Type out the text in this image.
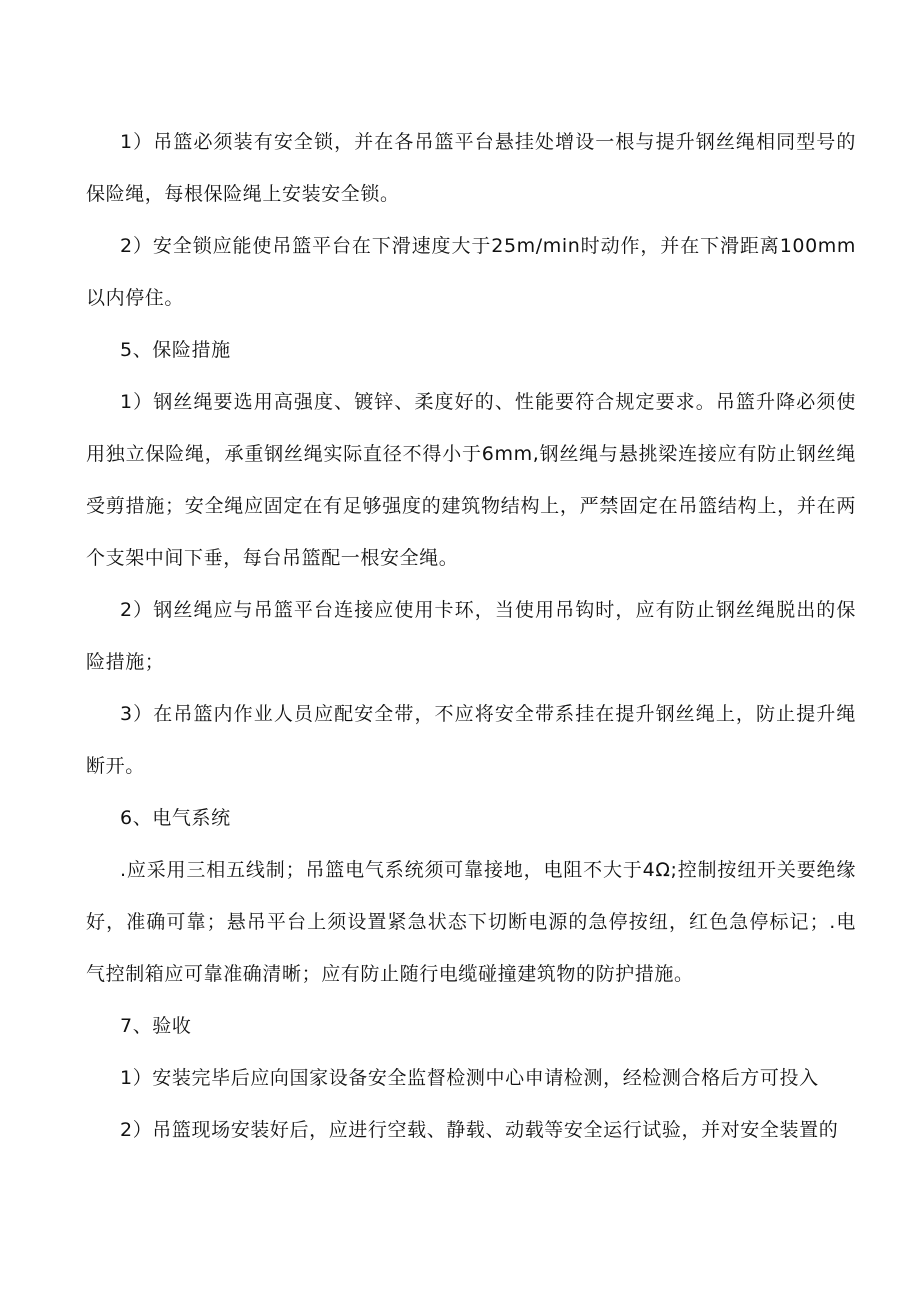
1）吊篮必须装有安全锁，并在各吊篮平台悬挂处增设一根与提升钢丝绳相同型号的保险绳，每根保险绳上安装安全锁。

2）安全锁应能使吊篮平台在下滑速度大于25m/min时动作，并在下滑距离100mm以内停住。

5、保险措施

1）钢丝绳要选用高强度、镀锌、柔度好的、性能要符合规定要求。吊篮升降必须使用独立保险绳，承重钢丝绳实际直径不得小于6mm,钢丝绳与悬挑梁连接应有防止钢丝绳受剪措施；安全绳应固定在有足够强度的建筑物结构上，严禁固定在吊篮结构上，并在两个支架中间下垂，每台吊篮配一根安全绳。

2）钢丝绳应与吊篮平台连接应使用卡环，当使用吊钩时，应有防止钢丝绳脱出的保险措施；

3）在吊篮内作业人员应配安全带，不应将安全带系挂在提升钢丝绳上，防止提升绳断开。

6、电气系统

.应采用三相五线制；吊篮电气系统须可靠接地，电阻不大于4Ω;控制按纽开关要绝缘好，准确可靠；悬吊平台上须设置紧急状态下切断电源的急停按纽，红色急停标记；.电气控制箱应可靠准确清晰；应有防止随行电缆碰撞建筑物的防护措施。

7、验收

1）安装完毕后应向国家设备安全监督检测中心申请检测，经检测合格后方可投入

2）吊篮现场安装好后，应进行空载、静载、动载等安全运行试验，并对安全装置的
